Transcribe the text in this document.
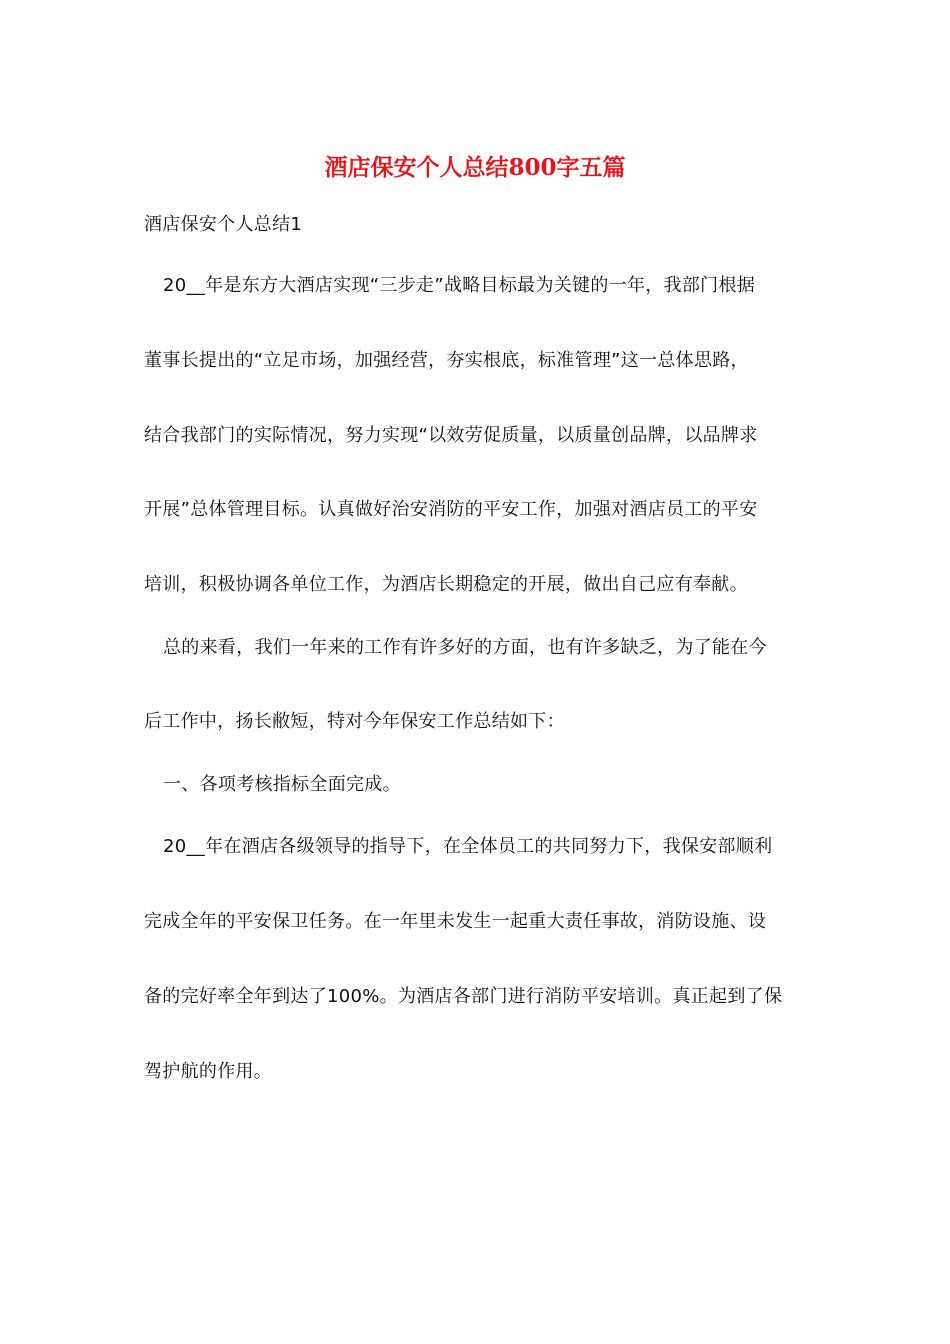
酒店保安个人总结800字五篇
酒店保安个人总结1
20__年是东方大酒店实现“三步走”战略目标最为关键的一年，我部门根据
董事长提出的“立足市场，加强经营，夯实根底，标准管理”这一总体思路，
结合我部门的实际情况，努力实现“以效劳促质量，以质量创品牌，以品牌求
开展”总体管理目标。认真做好治安消防的平安工作，加强对酒店员工的平安
培训，积极协调各单位工作，为酒店长期稳定的开展，做出自己应有奉献。
总的来看，我们一年来的工作有许多好的方面，也有许多缺乏，为了能在今
后工作中，扬长敝短，特对今年保安工作总结如下：
一、各项考核指标全面完成。
20__年在酒店各级领导的指导下，在全体员工的共同努力下，我保安部顺利
完成全年的平安保卫任务。在一年里未发生一起重大责任事故，消防设施、设
备的完好率全年到达了100%。为酒店各部门进行消防平安培训。真正起到了保
驾护航的作用。
